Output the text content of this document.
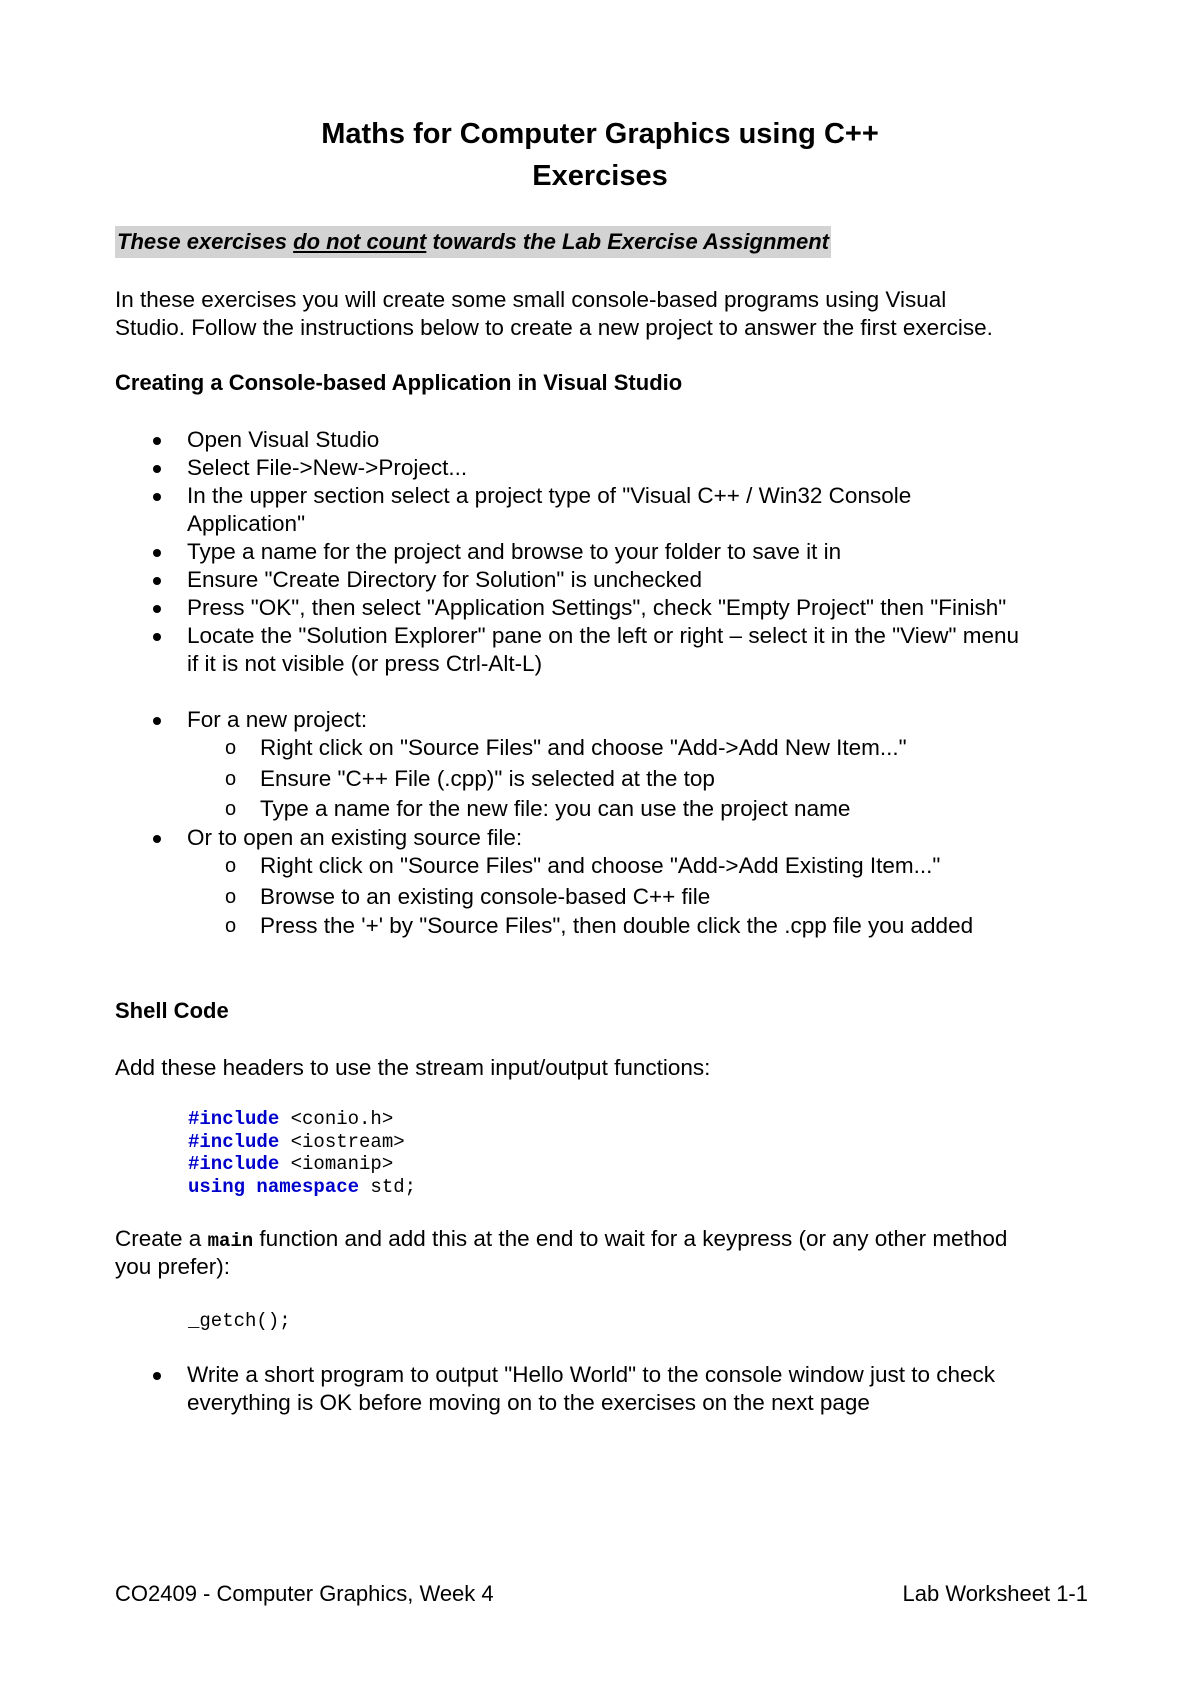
Maths for Computer Graphics using C++
Exercises
These exercises do not count towards the Lab Exercise Assignment
In these exercises you will create some small console-based programs using Visual
Studio. Follow the instructions below to create a new project to answer the first exercise.
Creating a Console-based Application in Visual Studio
Open Visual Studio
Select File->New->Project...
In the upper section select a project type of "Visual C++ / Win32 Console
Application"
Type a name for the project and browse to your folder to save it in
Ensure "Create Directory for Solution" is unchecked
Press "OK", then select "Application Settings", check "Empty Project" then "Finish"
Locate the "Solution Explorer" pane on the left or right – select it in the "View" menu
if it is not visible (or press Ctrl-Alt-L)
For a new project:
o Right click on "Source Files" and choose "Add->Add New Item..."
o Ensure "C++ File (.cpp)" is selected at the top
o Type a name for the new file: you can use the project name
Or to open an existing source file:
o Right click on "Source Files" and choose "Add->Add Existing Item..."
o Browse to an existing console-based C++ file
o Press the '+' by "Source Files", then double click the .cpp file you added
Shell Code
Add these headers to use the stream input/output functions:
#include <conio.h>
#include <iostream>
#include <iomanip>
using namespace std;
Create a main function and add this at the end to wait for a keypress (or any other method
you prefer):
_getch();
Write a short program to output "Hello World" to the console window just to check
everything is OK before moving on to the exercises on the next page
CO2409 - Computer Graphics, Week 4	Lab Worksheet 1-1
